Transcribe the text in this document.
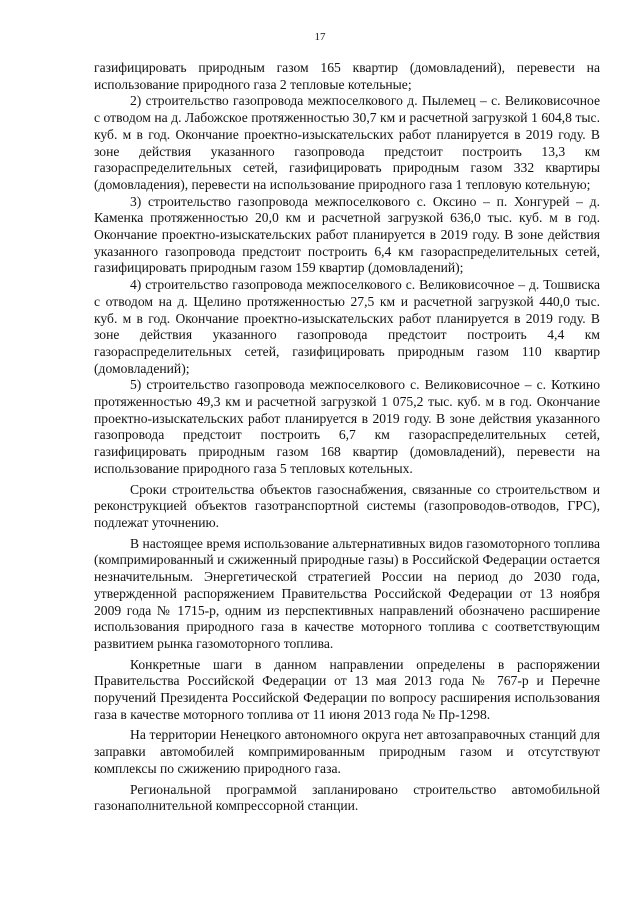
17

газифицировать природным газом 165 квартир (домовладений), перевести на использование природного газа 2 тепловые котельные;

2) строительство газопровода межпоселкового д. Пылемец – с. Великовисочное с отводом на д. Лабожское протяженностью 30,7 км и расчетной загрузкой 1 604,8 тыс. куб. м в год. Окончание проектно-изыскательских работ планируется в 2019 году. В зоне действия указанного газопровода предстоит построить 13,3 км газораспределительных сетей, газифицировать природным газом 332 квартиры (домовладения), перевести на использование природного газа 1 тепловую котельную;

3) строительство газопровода межпоселкового с. Оксино – п. Хонгурей – д. Каменка протяженностью 20,0 км и расчетной загрузкой 636,0 тыс. куб. м в год. Окончание проектно-изыскательских работ планируется в 2019 году. В зоне действия указанного газопровода предстоит построить 6,4 км газораспределительных сетей, газифицировать природным газом 159 квартир (домовладений);

4) строительство газопровода межпоселкового с. Великовисочное – д. Тошвиска с отводом на д. Щелино протяженностью 27,5 км и расчетной загрузкой 440,0 тыс. куб. м в год. Окончание проектно-изыскательских работ планируется в 2019 году. В зоне действия указанного газопровода предстоит построить 4,4 км газораспределительных сетей, газифицировать природным газом 110 квартир (домовладений);

5) строительство газопровода межпоселкового с. Великовисочное – с. Коткино протяженностью 49,3 км и расчетной загрузкой 1 075,2 тыс. куб. м в год. Окончание проектно-изыскательских работ планируется в 2019 году. В зоне действия указанного газопровода предстоит построить 6,7 км газораспределительных сетей, газифицировать природным газом 168 квартир (домовладений), перевести на использование природного газа 5 тепловых котельных.

Сроки строительства объектов газоснабжения, связанные со строительством и реконструкцией объектов газотранспортной системы (газопроводов-отводов, ГРС), подлежат уточнению.

В настоящее время использование альтернативных видов газомоторного топлива (компримированный и сжиженный природные газы) в Российской Федерации остается незначительным. Энергетической стратегией России на период до 2030 года, утвержденной распоряжением Правительства Российской Федерации от 13 ноября 2009 года № 1715-р, одним из перспективных направлений обозначено расширение использования природного газа в качестве моторного топлива с соответствующим развитием рынка газомоторного топлива.

Конкретные шаги в данном направлении определены в распоряжении Правительства Российской Федерации от 13 мая 2013 года № 767-р и Перечне поручений Президента Российской Федерации по вопросу расширения использования газа в качестве моторного топлива от 11 июня 2013 года № Пр-1298.

На территории Ненецкого автономного округа нет автозаправочных станций для заправки автомобилей компримированным природным газом и отсутствуют комплексы по сжижению природного газа.

Региональной программой запланировано строительство автомобильной газонаполнительной компрессорной станции.
